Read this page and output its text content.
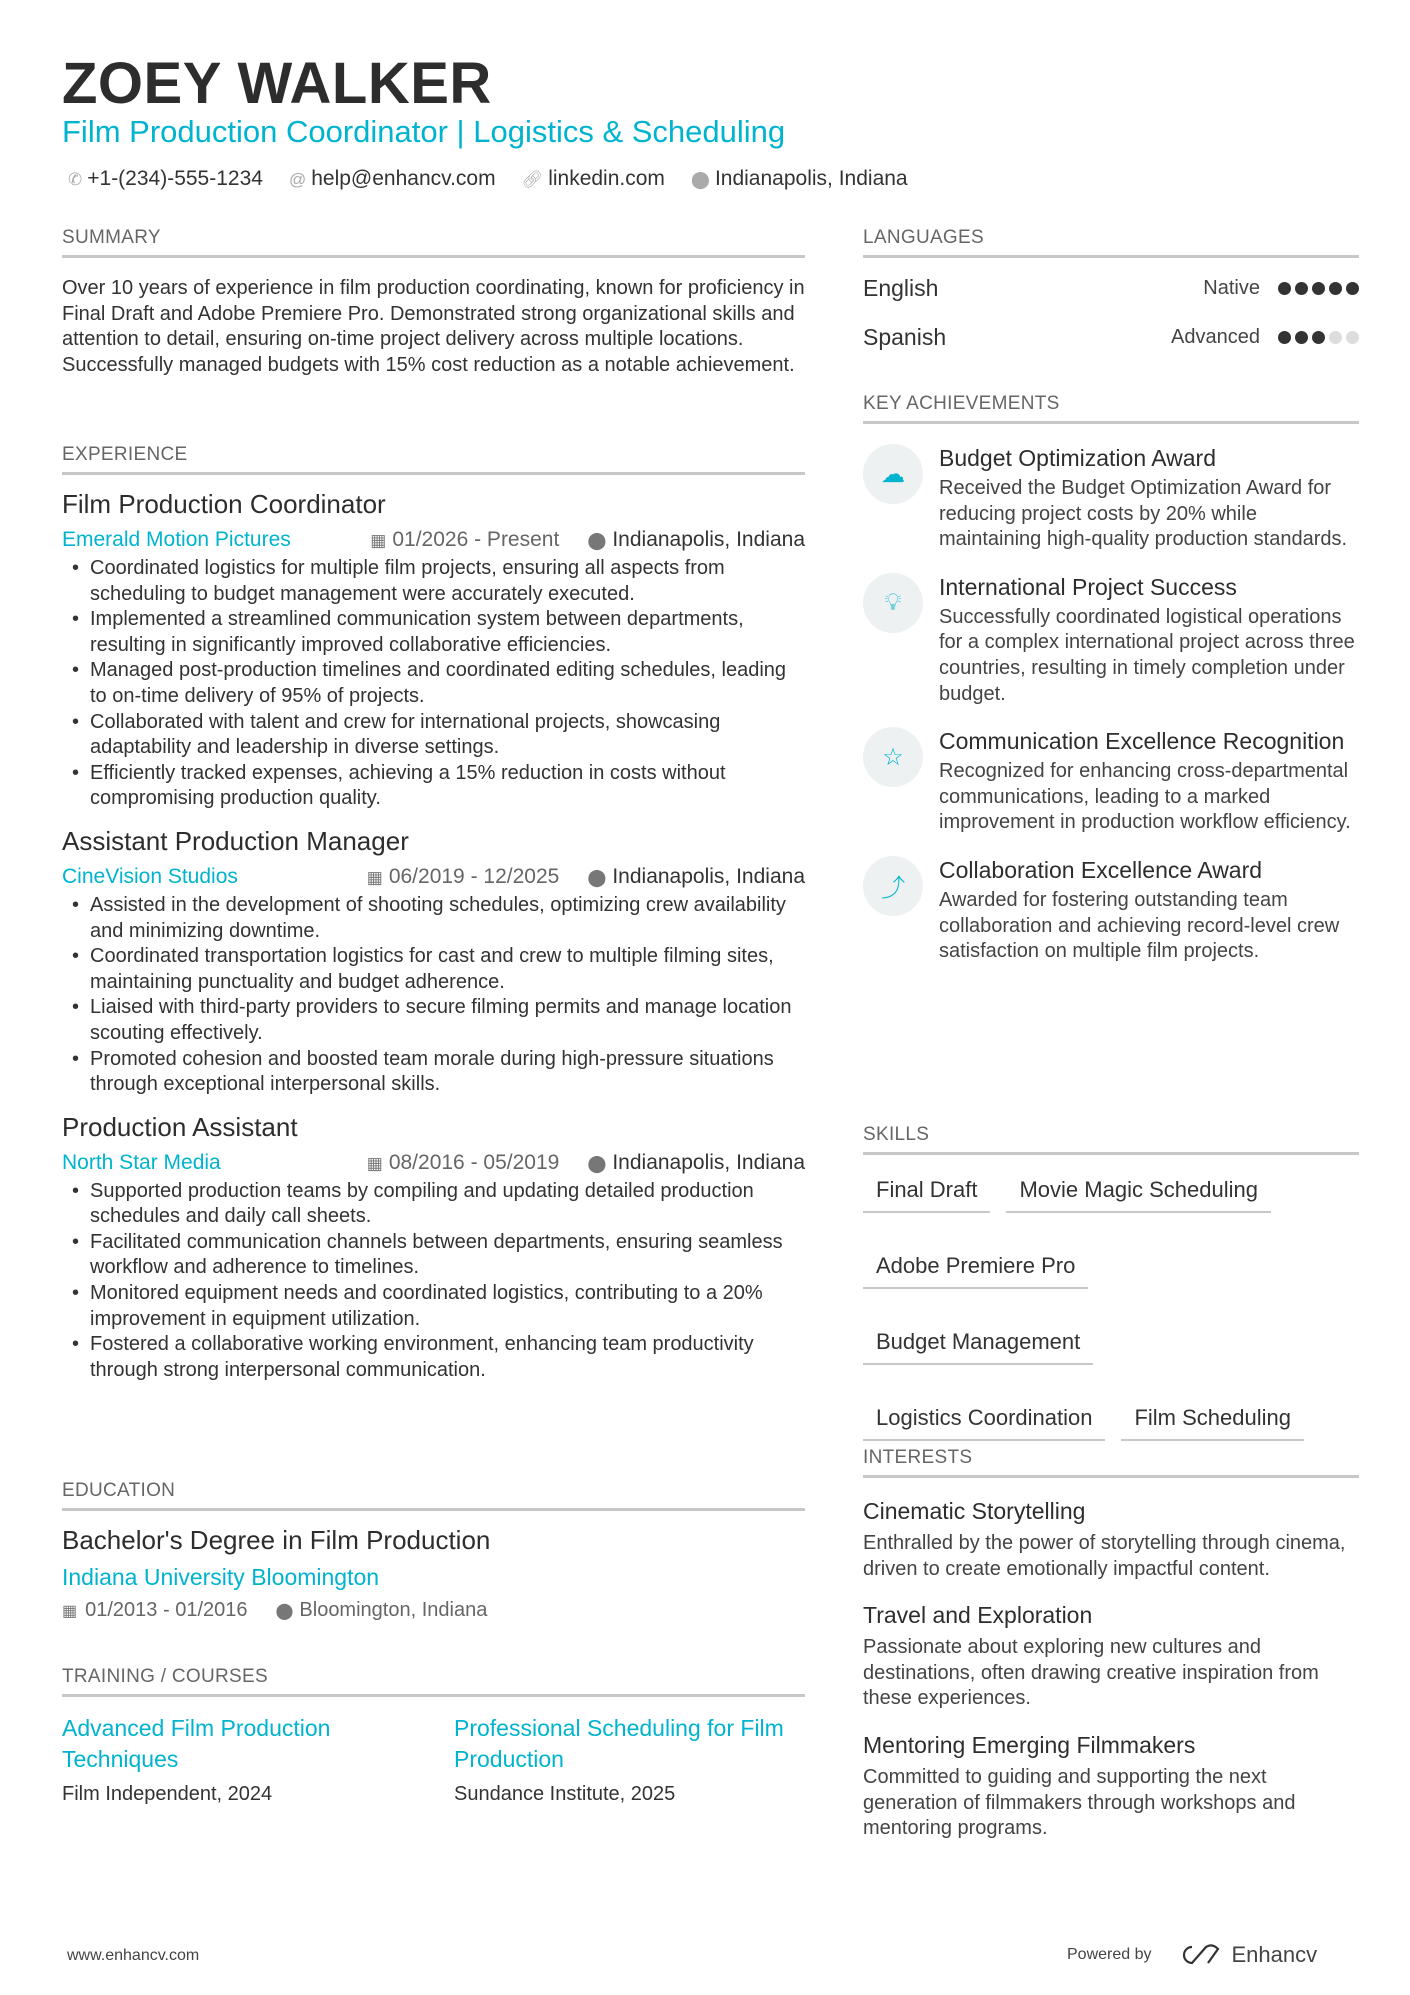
ZOEY WALKER
Film Production Coordinator | Logistics & Scheduling
✆ +1-(234)-555-1234 @ help@enhancv.com 🔗︎ linkedin.com ⬤ Indianapolis, Indiana
SUMMARY

Over 10 years of experience in film production coordinating, known for proficiency in Final Draft and Adobe Premiere Pro. Demonstrated strong organizational skills and attention to detail, ensuring on-time project delivery across multiple locations. Successfully managed budgets with 15% cost reduction as a notable achievement.

EXPERIENCE
Film Production Coordinator
Emerald Motion Pictures	▦ 01/2026 - Present ⬤ Indianapolis, Indiana
• Coordinated logistics for multiple film projects, ensuring all aspects from scheduling to budget management were accurately executed.
• Implemented a streamlined communication system between departments, resulting in significantly improved collaborative efficiencies.
• Managed post-production timelines and coordinated editing schedules, leading to on-time delivery of 95% of projects.
• Collaborated with talent and crew for international projects, showcasing adaptability and leadership in diverse settings.
• Efficiently tracked expenses, achieving a 15% reduction in costs without compromising production quality.
Assistant Production Manager
CineVision Studios	▦ 06/2019 - 12/2025 ⬤ Indianapolis, Indiana
• Assisted in the development of shooting schedules, optimizing crew availability and minimizing downtime.
• Coordinated transportation logistics for cast and crew to multiple filming sites, maintaining punctuality and budget adherence.
• Liaised with third-party providers to secure filming permits and manage location scouting effectively.
• Promoted cohesion and boosted team morale during high-pressure situations through exceptional interpersonal skills.
Production Assistant
North Star Media	▦ 08/2016 - 05/2019 ⬤ Indianapolis, Indiana
• Supported production teams by compiling and updating detailed production schedules and daily call sheets.
• Facilitated communication channels between departments, ensuring seamless workflow and adherence to timelines.
• Monitored equipment needs and coordinated logistics, contributing to a 20% improvement in equipment utilization.
• Fostered a collaborative working environment, enhancing team productivity through strong interpersonal communication.
EDUCATION
Bachelor's Degree in Film Production
Indiana University Bloomington
▦ 01/2013 - 01/2016 ⬤ Bloomington, Indiana
TRAINING / COURSES
Advanced Film Production Techniques
Film Independent, 2024
Professional Scheduling for Film Production
Sundance Institute, 2025
LANGUAGES
English	Native
Spanish	Advanced
KEY ACHIEVEMENTS
☁
Budget Optimization Award

Received the Budget Optimization Award for reducing project costs by 20% while maintaining high-quality production standards.

💡︎
International Project Success

Successfully coordinated logistical operations for a complex international project across three countries, resulting in timely completion under budget.

☆
Communication Excellence Recognition

Recognized for enhancing cross-departmental communications, leading to a marked improvement in production workflow efficiency.

⤴
Collaboration Excellence Award

Awarded for fostering outstanding team collaboration and achieving record-level crew satisfaction on multiple film projects.

SKILLS
Final Draft	Movie Magic Scheduling
Adobe Premiere Pro
Budget Management
Logistics Coordination	Film Scheduling
INTERESTS
Cinematic Storytelling

Enthralled by the power of storytelling through cinema, driven to create emotionally impactful content.

Travel and Exploration

Passionate about exploring new cultures and destinations, often drawing creative inspiration from these experiences.

Mentoring Emerging Filmmakers

Committed to guiding and supporting the next generation of filmmakers through workshops and mentoring programs.

www.enhancv.com	Powered by	Enhancv
